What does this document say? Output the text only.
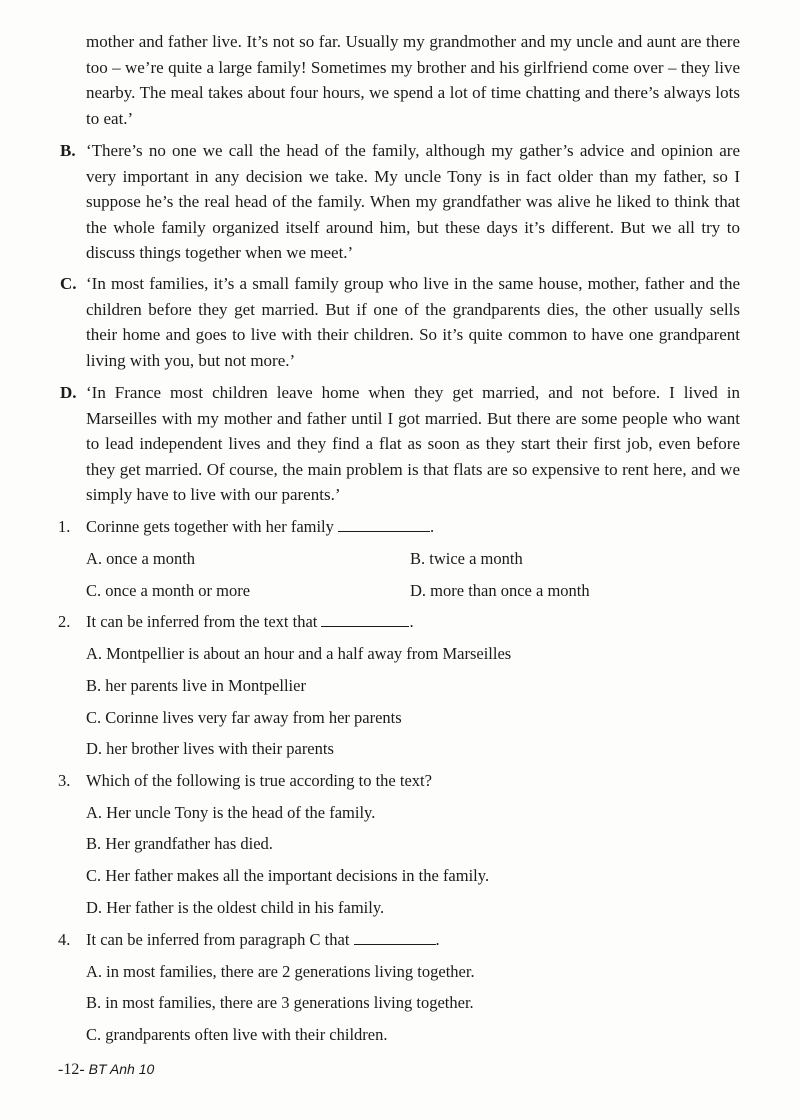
mother and father live. It’s not so far. Usually my grandmother and my uncle and aunt are there too – we’re quite a large family! Sometimes my brother and his girlfriend come over – they live nearby. The meal takes about four hours, we spend a lot of time chatting and there’s always lots to eat.’
B. ‘There’s no one we call the head of the family, although my gather’s advice and opinion are very important in any decision we take. My uncle Tony is in fact older than my father, so I suppose he’s the real head of the family. When my grandfather was alive he liked to think that the whole family organized itself around him, but these days it’s different. But we all try to discuss things together when we meet.’
C. ‘In most families, it’s a small family group who live in the same house, mother, father and the children before they get married. But if one of the grandparents dies, the other usually sells their home and goes to live with their children. So it’s quite common to have one grandparent living with you, but not more.’
D. ‘In France most children leave home when they get married, and not before. I lived in Marseilles with my mother and father until I got married. But there are some people who want to lead independent lives and they find a flat as soon as they start their first job, even before they get married. Of course, the main problem is that flats are so expensive to rent here, and we simply have to live with our parents.’
1. Corinne gets together with her family	.
A. once a month	B. twice a month
C. once a month or more	D. more than once a month
2. It can be inferred from the text that	.
A. Montpellier is about an hour and a half away from Marseilles
B. her parents live in Montpellier
C. Corinne lives very far away from her parents
D. her brother lives with their parents
3. Which of the following is true according to the text?
A. Her uncle Tony is the head of the family.
B. Her grandfather has died.
C. Her father makes all the important decisions in the family.
D. Her father is the oldest child in his family.
4. It can be inferred from paragraph C that	.
A. in most families, there are 2 generations living together.
B. in most families, there are 3 generations living together.
C. grandparents often live with their children.
-12- BT Anh 10
